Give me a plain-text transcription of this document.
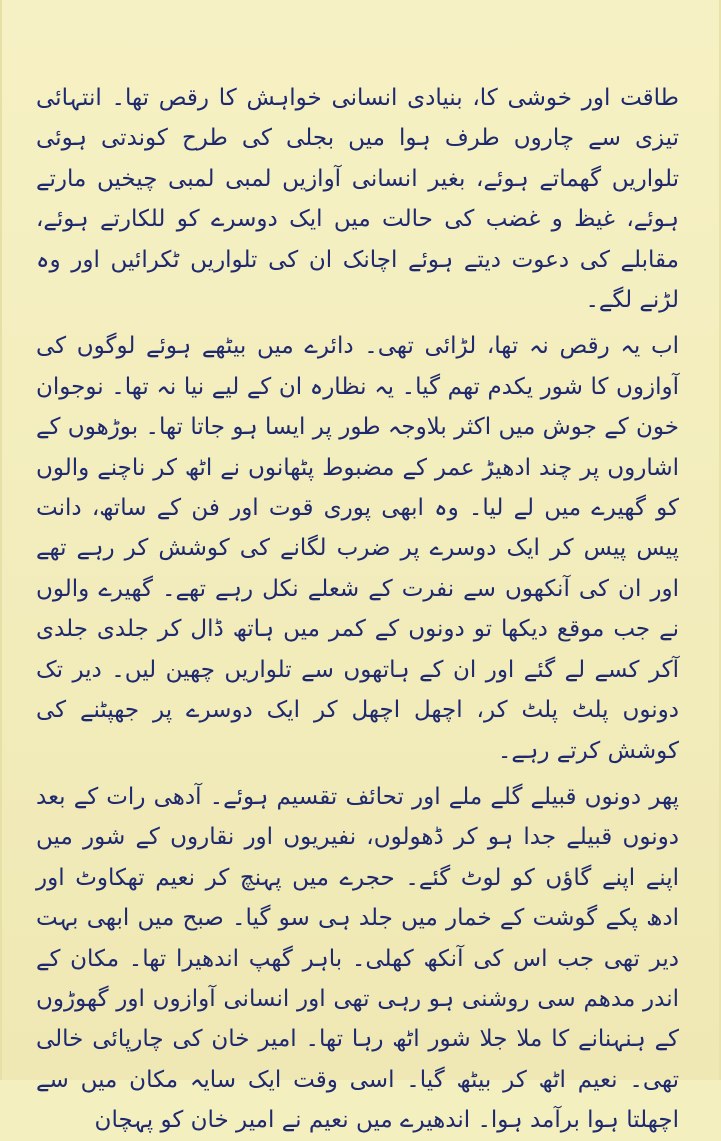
طاقت اور خوشی کا، بنیادی انسانی خواہش کا رقص تھا۔ انتہائی تیزی سے چاروں طرف ہوا میں بجلی کی طرح کوندتی ہوئی تلواریں گھماتے ہوئے، بغیر انسانی آوازیں لمبی لمبی چیخیں مارتے ہوئے، غیظ و غضب کی حالت میں ایک دوسرے کو للکارتے ہوئے، مقابلے کی دعوت دیتے ہوئے اچانک ان کی تلواریں ٹکرائیں اور وہ لڑنے لگے۔

اب یہ رقص نہ تھا، لڑائی تھی۔ دائرے میں بیٹھے ہوئے لوگوں کی آوازوں کا شور یکدم تھم گیا۔ یہ نظارہ ان کے لیے نیا نہ تھا۔ نوجوان خون کے جوش میں اکثر بلاوجہ طور پر ایسا ہو جاتا تھا۔ بوڑھوں کے اشاروں پر چند ادھیڑ عمر کے مضبوط پٹھانوں نے اٹھ کر ناچنے والوں کو گھیرے میں لے لیا۔ وہ ابھی پوری قوت اور فن کے ساتھ، دانت پیس پیس کر ایک دوسرے پر ضرب لگانے کی کوشش کر رہے تھے اور ان کی آنکھوں سے نفرت کے شعلے نکل رہے تھے۔ گھیرے والوں نے جب موقع دیکھا تو دونوں کے کمر میں ہاتھ ڈال کر جلدی جلدی آکر کسے لے گئے اور ان کے ہاتھوں سے تلواریں چھین لیں۔ دیر تک دونوں پلٹ پلٹ کر، اچھل اچھل کر ایک دوسرے پر جھپٹنے کی کوشش کرتے رہے۔

پھر دونوں قبیلے گلے ملے اور تحائف تقسیم ہوئے۔ آدھی رات کے بعد دونوں قبیلے جدا ہو کر ڈھولوں، نفیریوں اور نقاروں کے شور میں اپنے اپنے گاؤں کو لوٹ گئے۔ حجرے میں پہنچ کر نعیم تھکاوٹ اور ادھ پکے گوشت کے خمار میں جلد ہی سو گیا۔ صبح میں ابھی بہت دیر تھی جب اس کی آنکھ کھلی۔ باہر گھپ اندھیرا تھا۔ مکان کے اندر مدھم سی روشنی ہو رہی تھی اور انسانی آوازوں اور گھوڑوں کے ہنہنانے کا ملا جلا شور اٹھ رہا تھا۔ امیر خان کی چارپائی خالی تھی۔ نعیم اٹھ کر بیٹھ گیا۔ اسی وقت ایک سایہ مکان میں سے اچھلتا ہوا برآمد ہوا۔ اندھیرے میں نعیم نے امیر خان کو پہچان
